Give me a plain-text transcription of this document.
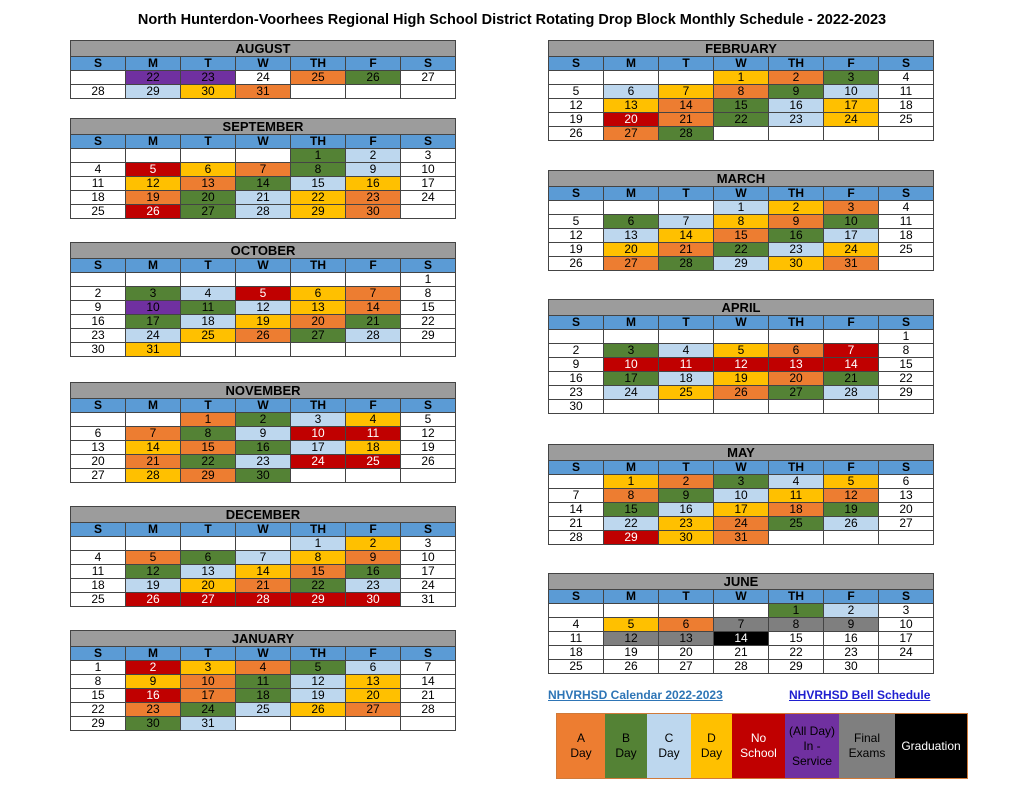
North Hunterdon-Voorhees Regional High School District Rotating Drop Block Monthly Schedule - 2022-2023
AUGUST						
S	M	T	W	TH	F	S
	22	23	24	25	26	27
28	29	30	31			
SEPTEMBER						
S	M	T	W	TH	F	S
				1	2	3
4	5	6	7	8	9	10
11	12	13	14	15	16	17
18	19	20	21	22	23	24
25	26	27	28	29	30	
OCTOBER						
S	M	T	W	TH	F	S
						1
2	3	4	5	6	7	8
9	10	11	12	13	14	15
16	17	18	19	20	21	22
23	24	25	26	27	28	29
30	31					
NOVEMBER						
S	M	T	W	TH	F	S
		1	2	3	4	5
6	7	8	9	10	11	12
13	14	15	16	17	18	19
20	21	22	23	24	25	26
27	28	29	30			
DECEMBER						
S	M	T	W	TH	F	S
				1	2	3
4	5	6	7	8	9	10
11	12	13	14	15	16	17
18	19	20	21	22	23	24
25	26	27	28	29	30	31
JANUARY						
S	M	T	W	TH	F	S
1	2	3	4	5	6	7
8	9	10	11	12	13	14
15	16	17	18	19	20	21
22	23	24	25	26	27	28
29	30	31				
FEBRUARY						
S	M	T	W	TH	F	S
			1	2	3	4
5	6	7	8	9	10	11
12	13	14	15	16	17	18
19	20	21	22	23	24	25
26	27	28				
MARCH						
S	M	T	W	TH	F	S
			1	2	3	4
5	6	7	8	9	10	11
12	13	14	15	16	17	18
19	20	21	22	23	24	25
26	27	28	29	30	31	
APRIL						
S	M	T	W	TH	F	S
						1
2	3	4	5	6	7	8
9	10	11	12	13	14	15
16	17	18	19	20	21	22
23	24	25	26	27	28	29
30						
MAY						
S	M	T	W	TH	F	S
	1	2	3	4	5	6
7	8	9	10	11	12	13
14	15	16	17	18	19	20
21	22	23	24	25	26	27
28	29	30	31			
JUNE						
S	M	T	W	TH	F	S
				1	2	3
4	5	6	7	8	9	10
11	12	13	14	15	16	17
18	19	20	21	22	23	24
25	26	27	28	29	30	
NHVRHSD Calendar 2022-2023	NHVRHSD Bell Schedule
A
Day
B
Day
C
Day
D
Day
No
School
(All Day)
In -
Service
Final
Exams
Graduation
